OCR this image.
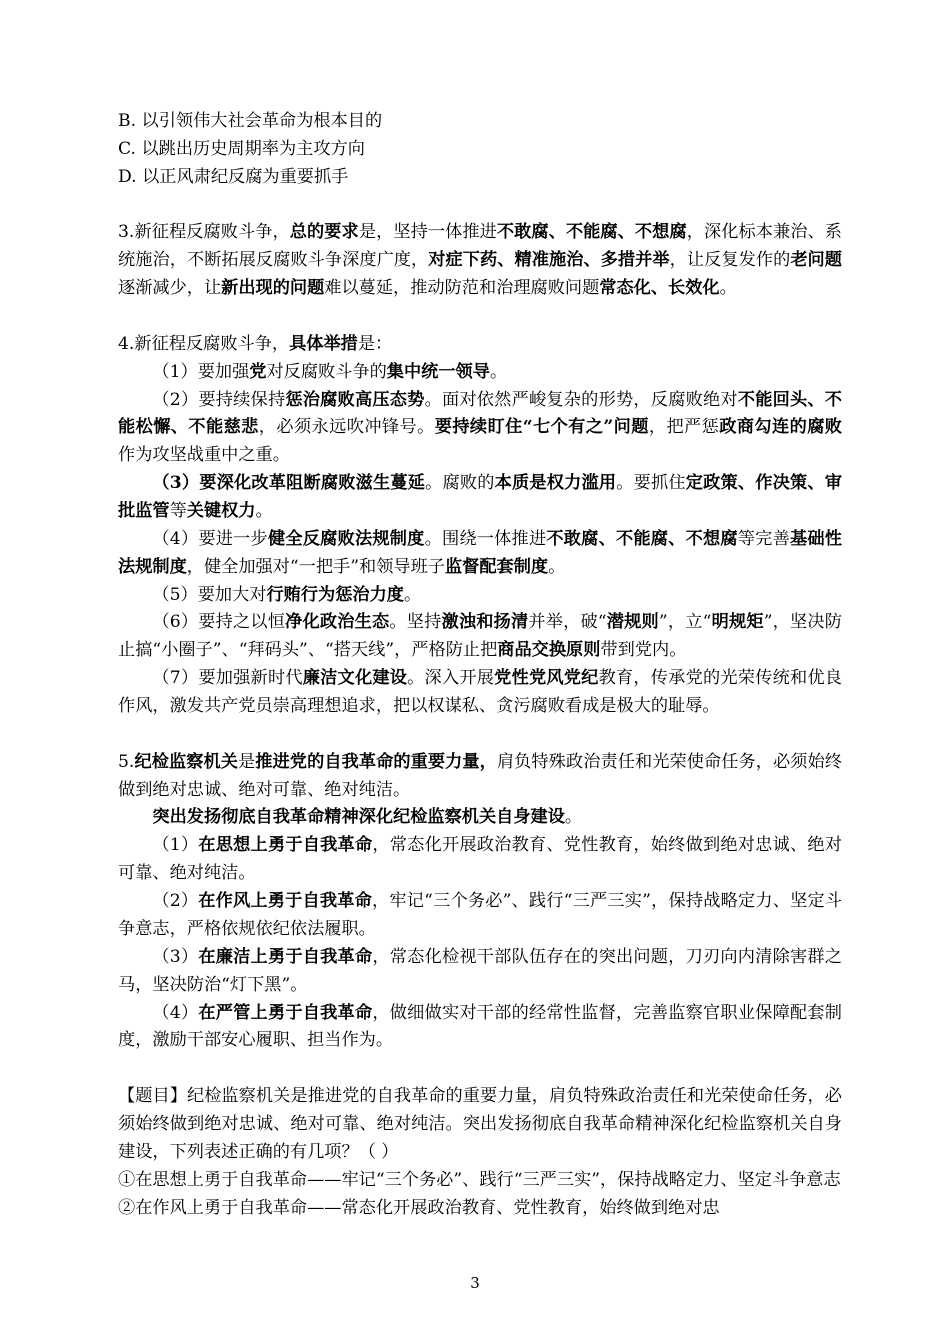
B. 以引领伟大社会革命为根本目的

C. 以跳出历史周期率为主攻方向

D. 以正风肃纪反腐为重要抓手

3.新征程反腐败斗争，总的要求是，坚持一体推进不敢腐、不能腐、不想腐，深化标本兼治、系统施治，不断拓展反腐败斗争深度广度，对症下药、精准施治、多措并举，让反复发作的老问题逐渐减少，让新出现的问题难以蔓延，推动防范和治理腐败问题常态化、长效化。

4.新征程反腐败斗争，具体举措是：

（1）要加强党对反腐败斗争的集中统一领导。

（2）要持续保持惩治腐败高压态势。面对依然严峻复杂的形势，反腐败绝对不能回头、不能松懈、不能慈悲，必须永远吹冲锋号。要持续盯住“七个有之”问题，把严惩政商勾连的腐败作为攻坚战重中之重。

（3）要深化改革阻断腐败滋生蔓延。腐败的本质是权力滥用。要抓住定政策、作决策、审批监管等关键权力。

（4）要进一步健全反腐败法规制度。围绕一体推进不敢腐、不能腐、不想腐等完善基础性法规制度，健全加强对“一把手”和领导班子监督配套制度。

（5）要加大对行贿行为惩治力度。

（6）要持之以恒净化政治生态。坚持激浊和扬清并举，破“潜规则”，立“明规矩”，坚决防止搞“小圈子”、“拜码头”、“搭天线”，严格防止把商品交换原则带到党内。

（7）要加强新时代廉洁文化建设。深入开展党性党风党纪教育，传承党的光荣传统和优良作风，激发共产党员崇高理想追求，把以权谋私、贪污腐败看成是极大的耻辱。

5.纪检监察机关是推进党的自我革命的重要力量，肩负特殊政治责任和光荣使命任务，必须始终做到绝对忠诚、绝对可靠、绝对纯洁。

突出发扬彻底自我革命精神深化纪检监察机关自身建设。

（1）在思想上勇于自我革命，常态化开展政治教育、党性教育，始终做到绝对忠诚、绝对可靠、绝对纯洁。

（2）在作风上勇于自我革命，牢记“三个务必”、践行“三严三实”，保持战略定力、坚定斗争意志，严格依规依纪依法履职。

（3）在廉洁上勇于自我革命，常态化检视干部队伍存在的突出问题，刀刃向内清除害群之马，坚决防治“灯下黑”。

（4）在严管上勇于自我革命，做细做实对干部的经常性监督，完善监察官职业保障配套制度，激励干部安心履职、担当作为。

【题目】纪检监察机关是推进党的自我革命的重要力量，肩负特殊政治责任和光荣使命任务，必须始终做到绝对忠诚、绝对可靠、绝对纯洁。突出发扬彻底自我革命精神深化纪检监察机关自身建设，下列表述正确的有几项？（ ）

①在思想上勇于自我革命——牢记“三个务必”、践行“三严三实”，保持战略定力、坚定斗争意志

②在作风上勇于自我革命——常态化开展政治教育、党性教育，始终做到绝对忠

3
